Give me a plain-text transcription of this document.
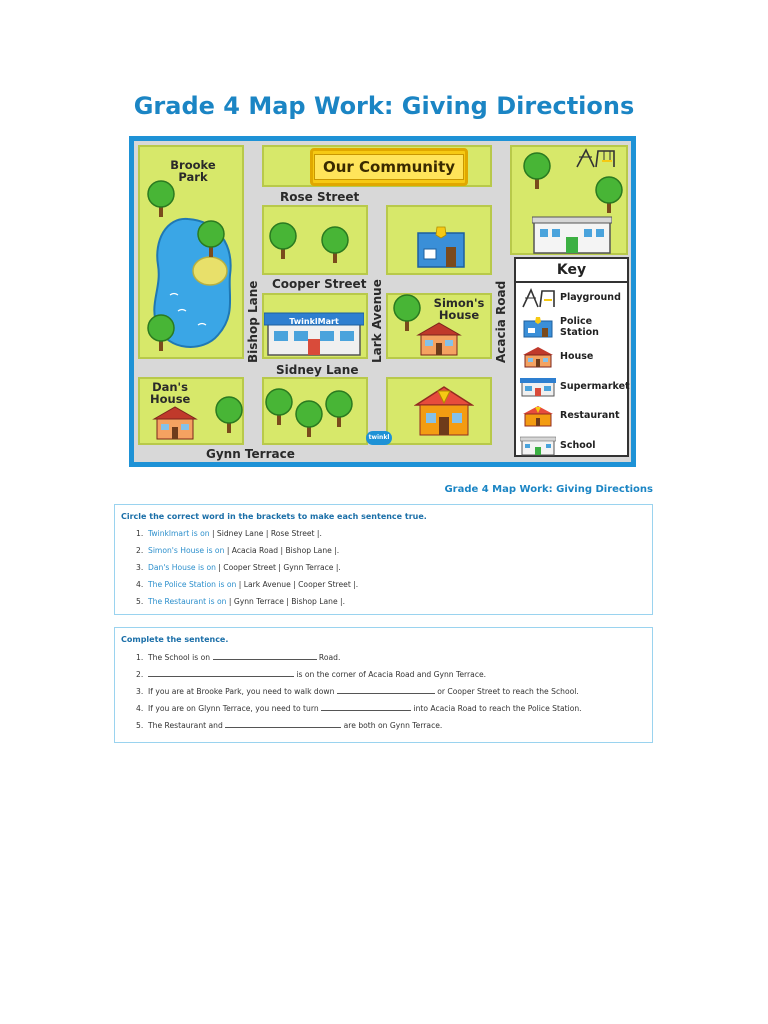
Grade 4 Map Work: Giving Directions
TwinklMart
Our Community
Brooke Park
Simon's House
Dan's House
Rose Street
Cooper Street
Sidney Lane
Gynn Terrace
Bishop Lane	Lark Avenue	Acacia Road
twinkl
Key
Playground
Police Station
House
Supermarket
Restaurant
School
Grade 4 Map Work: Giving Directions
Circle the correct word in the brackets to make each sentence true.
1. Twinklmart is on | Sidney Lane | Rose Street |.
2. Simon's House is on | Acacia Road | Bishop Lane |.
3. Dan's House is on | Cooper Street | Gynn Terrace |.
4. The Police Station is on | Lark Avenue | Cooper Street |.
5. The Restaurant is on | Gynn Terrace | Bishop Lane |.
Complete the sentence.
1. The School is on	Road.
2.	is on the corner of Acacia Road and Gynn Terrace.
3. If you are at Brooke Park, you need to walk down	or Cooper Street to reach the School.
4. If you are on Glynn Terrace, you need to turn	into Acacia Road to reach the Police Station.
5. The Restaurant and	are both on Gynn Terrace.
